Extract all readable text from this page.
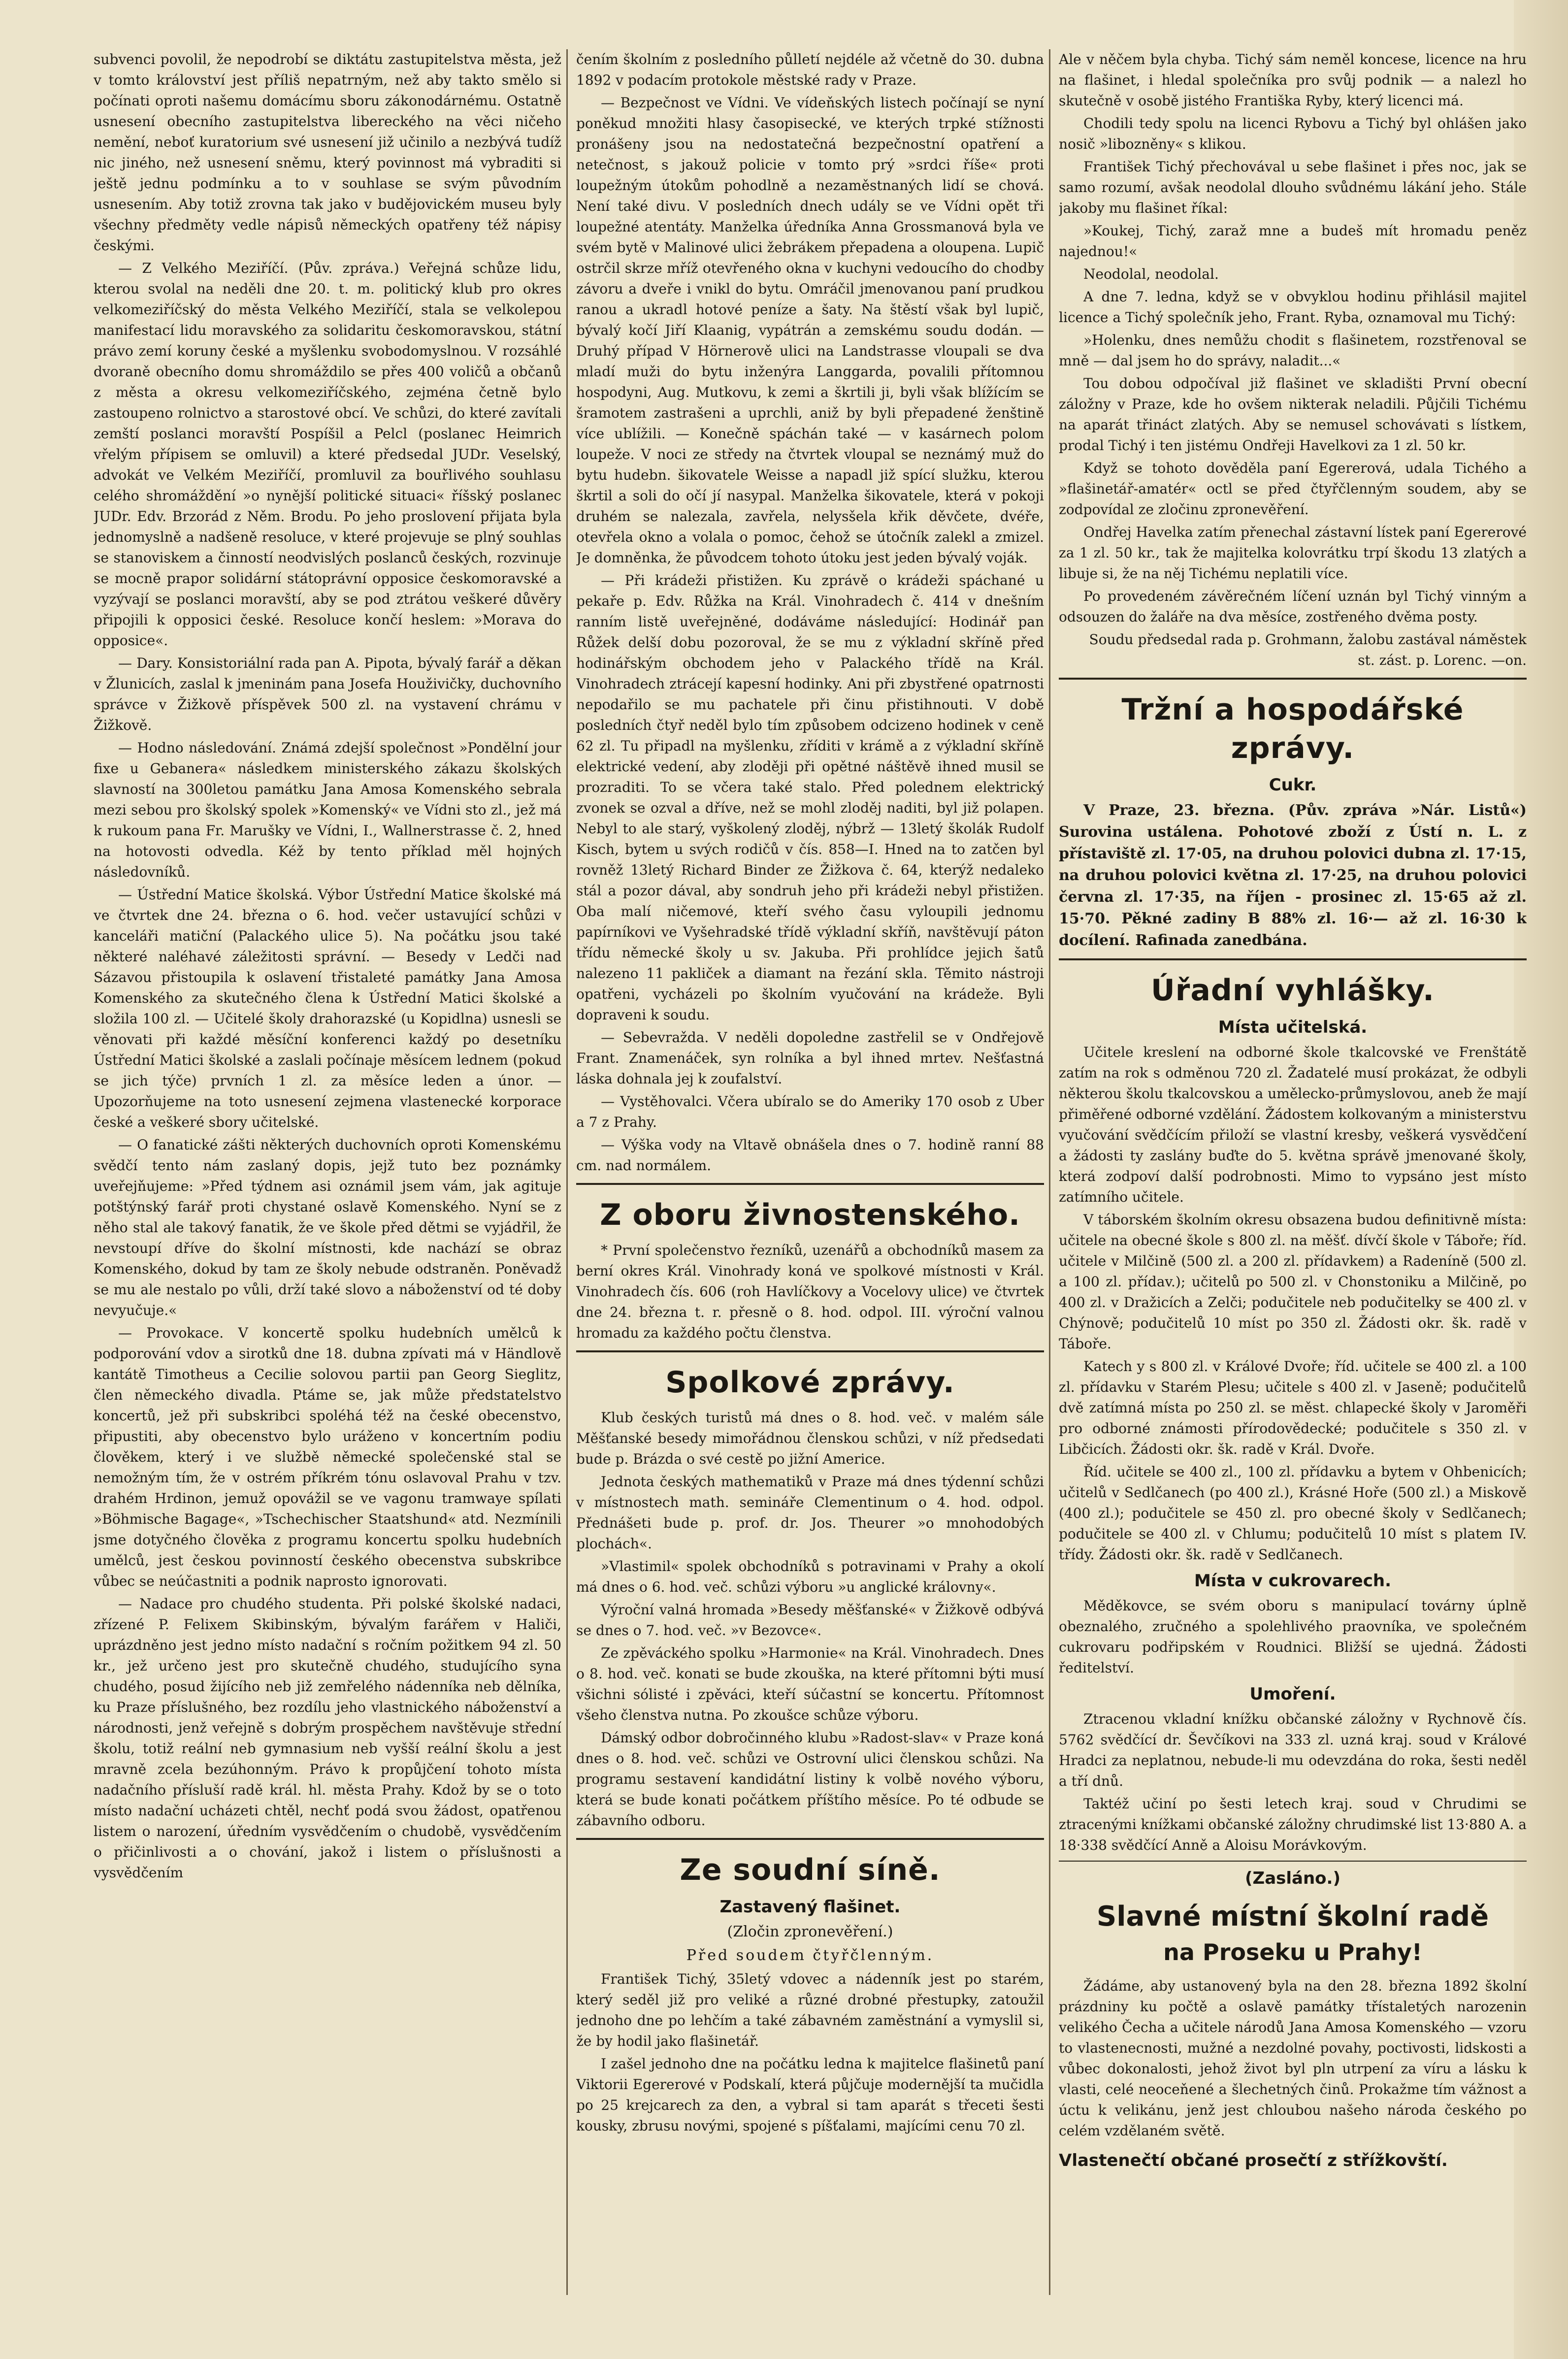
subvenci povolil, že nepodrobí se diktátu zastupitelstva města, jež v tomto království jest příliš nepatrným, než aby takto smělo si počínati oproti našemu domácímu sboru zákonodárnému. Ostatně usnesení obecního zastupitelstva libereckého na věci ničeho nemění, neboť kuratorium své usnesení již učinilo a nezbývá tudíž nic jiného, než usnesení sněmu, který povinnost má vybraditi si ještě jednu podmínku a to v souhlase se svým původním usnesením. Aby totiž zrovna tak jako v budějovickém museu byly všechny předměty vedle nápisů německých opatřeny též nápisy českými.

— Z Velkého Meziříčí. (Pův. zpráva.) Veřejná schůze lidu, kterou svolal na neděli dne 20. t. m. politický klub pro okres velkomeziříčský do města Velkého Meziříčí, stala se velkolepou manifestací lidu moravského za solidaritu českomoravskou, státní právo zemí koruny české a myšlenku svobodomyslnou. V rozsáhlé dvoraně obecního domu shromáždilo se přes 400 voličů a občanů z města a okresu velkomeziříčského, zejména četně bylo zastoupeno rolnictvo a starostové obcí. Ve schůzi, do které zavítali zemští poslanci moravští Pospíšil a Pelcl (poslanec Heimrich vřelým přípisem se omluvil) a které předsedal JUDr. Veselský, advokát ve Velkém Meziříčí, promluvil za bouřlivého souhlasu celého shromáždění »o nynější politické situaci« říšský poslanec JUDr. Edv. Brzorád z Něm. Brodu. Po jeho proslovení přijata byla jednomyslně a nadšeně resoluce, v které projevuje se plný souhlas se stanoviskem a činností neodvislých poslanců českých, rozvinuje se mocně prapor solidární státoprávní opposice českomoravské a vyzývají se poslanci moravští, aby se pod ztrátou veškeré důvěry připojili k opposici české. Resoluce končí heslem: »Morava do opposice«.

— Dary. Konsistoriální rada pan A. Pipota, bývalý farář a děkan v Žlunicích, zaslal k jmeninám pana Josefa Houživičky, duchovního správce v Žižkově příspěvek 500 zl. na vystavení chrámu v Žižkově.

— Hodno následování. Známá zdejší společnost »Pondělní jour fixe u Gebanera« následkem ministerského zákazu školských slavností na 300letou památku Jana Amosa Komenského sebrala mezi sebou pro školský spolek »Komenský« ve Vídni sto zl., jež má k rukoum pana Fr. Marušky ve Vídni, I., Wallnerstrasse č. 2, hned na hotovosti odvedla. Kéž by tento příklad měl hojných následovníků.

— Ústřední Matice školská. Výbor Ústřední Matice školské má ve čtvrtek dne 24. března o 6. hod. večer ustavující schůzi v kanceláři matiční (Palackého ulice 5). Na počátku jsou také některé naléhavé záležitosti správní. — Besedy v Ledči nad Sázavou přistoupila k oslavení třistaleté památky Jana Amosa Komenského za skutečného člena k Ústřední Matici školské a složila 100 zl. — Učitelé školy drahorazské (u Kopidlna) usnesli se věnovati při každé měsíční konferenci každý po desetníku Ústřední Matici školské a zaslali počínaje měsícem lednem (pokud se jich týče) prvních 1 zl. za měsíce leden a únor. — Upozorňujeme na toto usnesení zejmena vlastenecké korporace české a veškeré sbory učitelské.

— O fanatické zášti některých duchovních oproti Komenskému svědčí tento nám zaslaný dopis, jejž tuto bez poznámky uveřejňujeme: »Před týdnem asi oznámil jsem vám, jak agituje potštýnský farář proti chystané oslavě Komenského. Nyní se z něho stal ale takový fanatik, že ve škole před dětmi se vyjádřil, že nevstoupí dříve do školní místnosti, kde nachází se obraz Komenského, dokud by tam ze školy nebude odstraněn. Poněvadž se mu ale nestalo po vůli, drží také slovo a náboženství od té doby nevyučuje.«

— Provokace. V koncertě spolku hudebních umělců k podporování vdov a sirotků dne 18. dubna zpívati má v Händlově kantátě Timotheus a Cecilie solovou partii pan Georg Sieglitz, člen německého divadla. Ptáme se, jak může předstatelstvo koncertů, jež při subskribci spoléhá též na české obecenstvo, připustiti, aby obecenstvo bylo uráženo v koncertním podiu člověkem, který i ve službě německé společenské stal se nemožným tím, že v ostrém příkrém tónu oslavoval Prahu v tzv. drahém Hrdinon, jemuž opovážil se ve vagonu tramwaye spílati »Böhmische Bagage«, »Tschechischer Staatshund« atd. Nezmínili jsme dotyčného člověka z programu koncertu spolku hudebních umělců, jest českou povinností českého obecenstva subskribce vůbec se neúčastniti a podnik naprosto ignorovati.

— Nadace pro chudého studenta. Při polské školské nadaci, zřízené P. Felixem Skibinským, bývalým farářem v Haliči, uprázdněno jest jedno místo nadační s ročním požitkem 94 zl. 50 kr., jež určeno jest pro skutečně chudého, studujícího syna chudého, posud žijícího neb již zemřelého nádenníka neb dělníka, ku Praze příslušného, bez rozdílu jeho vlastnického náboženství a národnosti, jenž veřejně s dobrým prospěchem navštěvuje střední školu, totiž reální neb gymnasium neb vyšší reální školu a jest mravně zcela bezúhonným. Právo k propůjčení tohoto místa nadačního přísluší radě král. hl. města Prahy. Kdož by se o toto místo nadační ucházeti chtěl, nechť podá svou žádost, opatřenou listem o narození, úředním vysvědčením o chudobě, vysvědčením o přičinlivosti a o chování, jakož i listem o příslušnosti a vysvědčením

čením školním z posledního půlletí nejdéle až včetně do 30. dubna 1892 v podacím protokole městské rady v Praze.

— Bezpečnost ve Vídni. Ve vídeňských listech počínají se nyní poněkud množiti hlasy časopisecké, ve kterých trpké stížnosti pronášeny jsou na nedostatečná bezpečnostní opatření a netečnost, s jakouž policie v tomto prý »srdci říše« proti loupežným útokům pohodlně a nezaměstnaných lidí se chová. Není také divu. V posledních dnech udály se ve Vídni opět tři loupežné atentáty. Manželka úředníka Anna Grossmanová byla ve svém bytě v Malinové ulici žebrákem přepadena a oloupena. Lupič ostrčil skrze mříž otevřeného okna v kuchyni vedoucího do chodby závoru a dveře i vnikl do bytu. Omráčil jmenovanou paní prudkou ranou a ukradl hotové peníze a šaty. Na štěstí však byl lupič, bývalý kočí Jiří Klaanig, vypátrán a zemskému soudu dodán. — Druhý případ V Hörnerově ulici na Landstrasse vloupali se dva mladí muži do bytu inženýra Langgarda, povalili přítomnou hospodyni, Aug. Mutkovu, k zemi a škrtili ji, byli však blížícím se šramotem zastrašeni a uprchli, aniž by byli přepadené ženštině více ublížili. — Konečně spáchán také — v kasárnech polom loupeže. V noci ze středy na čtvrtek vloupal se neznámý muž do bytu hudebn. šikovatele Weisse a napadl již spící služku, kterou škrtil a soli do očí jí nasypal. Manželka šikovatele, která v pokoji druhém se nalezala, zavřela, nelysšela křik děvčete, dvéře, otevřela okno a volala o pomoc, čehož se útočník zalekl a zmizel. Je domněnka, že původcem tohoto útoku jest jeden bývalý voják.

— Při krádeži přistižen. Ku zprávě o krádeži spáchané u pekaře p. Edv. Růžka na Král. Vinohradech č. 414 v dnešním ranním listě uveřejněné, dodáváme následující: Hodinář pan Růžek delší dobu pozoroval, že se mu z výkladní skříně před hodinářským obchodem jeho v Palackého třídě na Král. Vinohradech ztrácejí kapesní hodinky. Ani při zbystřené opatrnosti nepodařilo se mu pachatele při činu přistihnouti. V době posledních čtyř neděl bylo tím způsobem odcizeno hodinek v ceně 62 zl. Tu připadl na myšlenku, zříditi v krámě a z výkladní skříně elektrické vedení, aby zloději při opětné náštěvě ihned musil se prozraditi. To se včera také stalo. Před polednem elektrický zvonek se ozval a dříve, než se mohl zloděj naditi, byl již polapen. Nebyl to ale starý, vyškolený zloděj, nýbrž — 13letý školák Rudolf Kisch, bytem u svých rodičů v čís. 858—I. Hned na to zatčen byl rovněž 13letý Richard Binder ze Žižkova č. 64, kterýž nedaleko stál a pozor dával, aby sondruh jeho při krádeži nebyl přistižen. Oba malí ničemové, kteří svého času vyloupili jednomu papírníkovi ve Vyšehradské třídě výkladní skříň, navštěvují páton třídu německé školy u sv. Jakuba. Při prohlídce jejich šatů nalezeno 11 pakliček a diamant na řezání skla. Těmito nástroji opatřeni, vycházeli po školním vyučování na krádeže. Byli dopraveni k soudu.

— Sebevražda. V neděli dopoledne zastřelil se v Ondřejově Frant. Znamenáček, syn rolníka a byl ihned mrtev. Nešťastná láska dohnala jej k zoufalství.

— Vystěhovalci. Včera ubíralo se do Ameriky 170 osob z Uber a 7 z Prahy.

— Výška vody na Vltavě obnášela dnes o 7. hodině ranní 88 cm. nad normálem.

Z oboru živnostenského.

* První společenstvo řezníků, uzenářů a obchodníků masem za berní okres Král. Vinohrady koná ve spolkové místnosti v Král. Vinohradech čís. 606 (roh Havlíčkovy a Vocelovy ulice) ve čtvrtek dne 24. března t. r. přesně o 8. hod. odpol. III. výroční valnou hromadu za každého počtu členstva.

Spolkové zprávy.

Klub českých turistů má dnes o 8. hod. več. v malém sále Měšťanské besedy mimořádnou členskou schůzi, v níž předsedati bude p. Brázda o své cestě po jižní Americe.

Jednota českých mathematiků v Praze má dnes týdenní schůzi v místnostech math. semináře Clementinum o 4. hod. odpol. Přednášeti bude p. prof. dr. Jos. Theurer »o mnohodobých plochách«.

»Vlastimil« spolek obchodníků s potravinami v Prahy a okolí má dnes o 6. hod. več. schůzi výboru »u anglické královny«.

Výroční valná hromada »Besedy měšťanské« v Žižkově odbývá se dnes o 7. hod. več. »v Bezovce«.

Ze zpěváckého spolku »Harmonie« na Král. Vinohradech. Dnes o 8. hod. več. konati se bude zkouška, na které přítomni býti musí všichni sólisté i zpěváci, kteří súčastní se koncertu. Přítomnost všeho členstva nutna. Po zkoušce schůze výboru.

Dámský odbor dobročinného klubu »Radost-slav« v Praze koná dnes o 8. hod. več. schůzi ve Ostrovní ulici členskou schůzi. Na programu sestavení kandidátní listiny k volbě nového výboru, která se bude konati počátkem příštího měsíce. Po té odbude se zábavního odboru.

Ze soudní síně.
Zastavený flašinet.
(Zločin zpronevěření.)
Před soudem čtyřčlenným.

František Tichý, 35letý vdovec a nádenník jest po starém, který seděl již pro veliké a různé drobné přestupky, zatoužil jednoho dne po lehčím a také zábavném zaměstnání a vymyslil si, že by hodil jako flašinetář.

I zašel jednoho dne na počátku ledna k majitelce flašinetů paní Viktorii Egererové v Podskalí, která půjčuje modernější ta mučidla po 25 krejcarech za den, a vybral si tam aparát s třeceti šesti kousky, zbrusu novými, spojené s píšťalami, majícími cenu 70 zl.

Ale v něčem byla chyba. Tichý sám neměl koncese, licence na hru na flašinet, i hledal společníka pro svůj podnik — a nalezl ho skutečně v osobě jistého Františka Ryby, který licenci má.

Chodili tedy spolu na licenci Rybovu a Tichý byl ohlášen jako nosič »libozněny« s klikou.

František Tichý přechovával u sebe flašinet i přes noc, jak se samo rozumí, avšak neodolal dlouho svůdnému lákání jeho. Stále jakoby mu flašinet říkal:

»Koukej, Tichý, zaraž mne a budeš mít hromadu peněz najednou!«

Neodolal, neodolal.

A dne 7. ledna, když se v obvyklou hodinu přihlásil majitel licence a Tichý společník jeho, Frant. Ryba, oznamoval mu Tichý:

»Holenku, dnes nemůžu chodit s flašinetem, rozstřenoval se mně — dal jsem ho do správy, naladit...«

Tou dobou odpočíval již flašinet ve skladišti První obecní záložny v Praze, kde ho ovšem nikterak neladili. Půjčili Tichému na aparát třináct zlatých. Aby se nemusel schovávati s lístkem, prodal Tichý i ten jistému Ondřeji Havelkovi za 1 zl. 50 kr.

Když se tohoto dověděla paní Egererová, udala Tichého a »flašinetář-amatér« octl se před čtyřčlenným soudem, aby se zodpovídal ze zločinu zpronevěření.

Ondřej Havelka zatím přenechal zástavní lístek paní Egererové za 1 zl. 50 kr., tak že majitelka kolovrátku trpí škodu 13 zlatých a libuje si, že na něj Tichému neplatili více.

Po provedeném závěrečném líčení uznán byl Tichý vinným a odsouzen do žaláře na dva měsíce, zostřeného dvěma posty.

Soudu předsedal rada p. Grohmann, žalobu zastával náměstek st. zást. p. Lorenc. —on.

Tržní a hospodářské zprávy.
Cukr.

V Praze, 23. března. (Pův. zpráva »Nár. Listů«) Surovina ustálena. Pohotové zboží z Ústí n. L. z přístaviště zl. 17·05, na druhou polovici dubna zl. 17·15, na druhou polovici května zl. 17·25, na druhou polovici června zl. 17·35, na říjen - prosinec zl. 15·65 až zl. 15·70. Pěkné zadiny B 88% zl. 16·— až zl. 16·30 k docílení. Rafinada zanedbána.

Úřadní vyhlášky.
Místa učitelská.

Učitele kreslení na odborné škole tkalcovské ve Frenštátě zatím na rok s odměnou 720 zl. Žadatelé musí prokázat, že odbyli některou školu tkalcovskou a umělecko-průmyslovou, aneb že mají přiměřené odborné vzdělání. Žádostem kolkovaným a ministerstvu vyučování svědčícím přiloží se vlastní kresby, veškerá vysvědčení a žádosti ty zaslány buďte do 5. května správě jmenované školy, která zodpoví další podrobnosti. Mimo to vypsáno jest místo zatímního učitele.

V táborském školním okresu obsazena budou definitivně místa: učitele na obecné škole s 800 zl. na měšť. dívčí škole v Táboře; říd. učitele v Milčině (500 zl. a 200 zl. přídavkem) a Radeníně (500 zl. a 100 zl. přídav.); učitelů po 500 zl. v Chonstoniku a Milčině, po 400 zl. v Dražicích a Zelči; podučitele neb podučitelky se 400 zl. v Chýnově; podučitelů 10 míst po 350 zl. Žádosti okr. šk. radě v Táboře.

Katech y s 800 zl. v Králové Dvoře; říd. učitele se 400 zl. a 100 zl. přídavku v Starém Plesu; učitele s 400 zl. v Jaseně; podučitelů dvě zatímná místa po 250 zl. se měst. chlapecké školy v Jaroměři pro odborné známosti přírodovědecké; podučitele s 350 zl. v Libčicích. Žádosti okr. šk. radě v Král. Dvoře.

Říd. učitele se 400 zl., 100 zl. přídavku a bytem v Ohbenicích; učitelů v Sedlčanech (po 400 zl.), Krásné Hoře (500 zl.) a Miskově (400 zl.); podučitele se 450 zl. pro obecné školy v Sedlčanech; podučitele se 400 zl. v Chlumu; podučitelů 10 míst s platem IV. třídy. Žádosti okr. šk. radě v Sedlčanech.

Místa v cukrovarech.

Měděkovce, se svém oboru s manipulací továrny úplně obeznalého, zručného a spolehlivého praovníka, ve společném cukrovaru podřipském v Roudnici. Bližší se ujedná. Žádosti ředitelství.

Umoření.

Ztracenou vkladní knížku občanské záložny v Rychnově čís. 5762 svědčící dr. Ševčíkovi na 333 zl. uzná kraj. soud v Králové Hradci za neplatnou, nebude-li mu odevzdána do roka, šesti neděl a tří dnů.

Taktéž učiní po šesti letech kraj. soud v Chrudimi se ztracenými knížkami občanské záložny chrudimské list 13·880 A. a 18·338 svědčící Anně a Aloisu Morávkovým.

(Zasláno.)
Slavné místní školní radě
na Proseku u Prahy!

Žádáme, aby ustanovený byla na den 28. března 1892 školní prázdniny ku počtě a oslavě památky třístaletých narozenin velikého Čecha a učitele národů Jana Amosa Komenského — vzoru to vlastenecnosti, mužné a nezdolné povahy, poctivosti, lidskosti a vůbec dokonalosti, jehož život byl pln utrpení za víru a lásku k vlasti, celé neoceňené a šlechetných činů. Prokažme tím vážnost a úctu k velikánu, jenž jest chloubou našeho národa českého po celém vzdělaném světě.

Vlastenečtí občané prosečtí z střížkovští.
